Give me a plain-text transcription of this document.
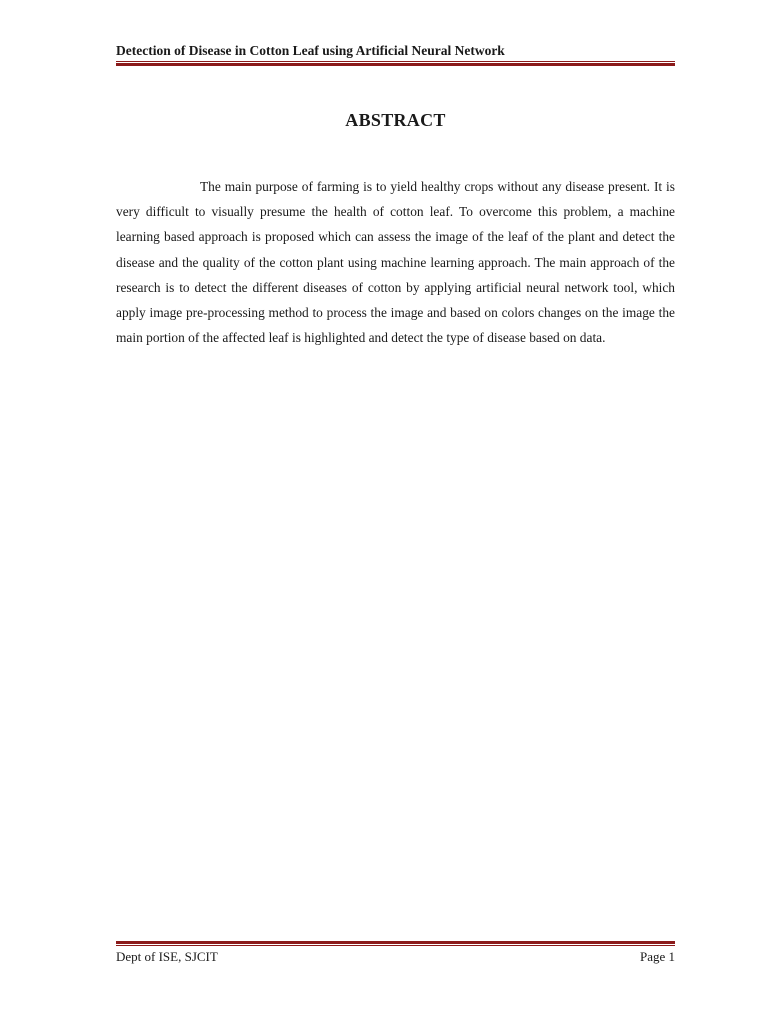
Detection of Disease in Cotton Leaf using Artificial Neural Network
ABSTRACT

The main purpose of farming is to yield healthy crops without any disease present. It is very difficult to visually presume the health of cotton leaf. To overcome this problem, a machine learning based approach is proposed which can assess the image of the leaf of the plant and detect the disease and the quality of the cotton plant using machine learning approach. The main approach of the research is to detect the different diseases of cotton by applying artificial neural network tool, which apply image pre-processing method to process the image and based on colors changes on the image the main portion of the affected leaf is highlighted and detect the type of disease based on data.

Dept of ISE, SJCIT	Page 1
